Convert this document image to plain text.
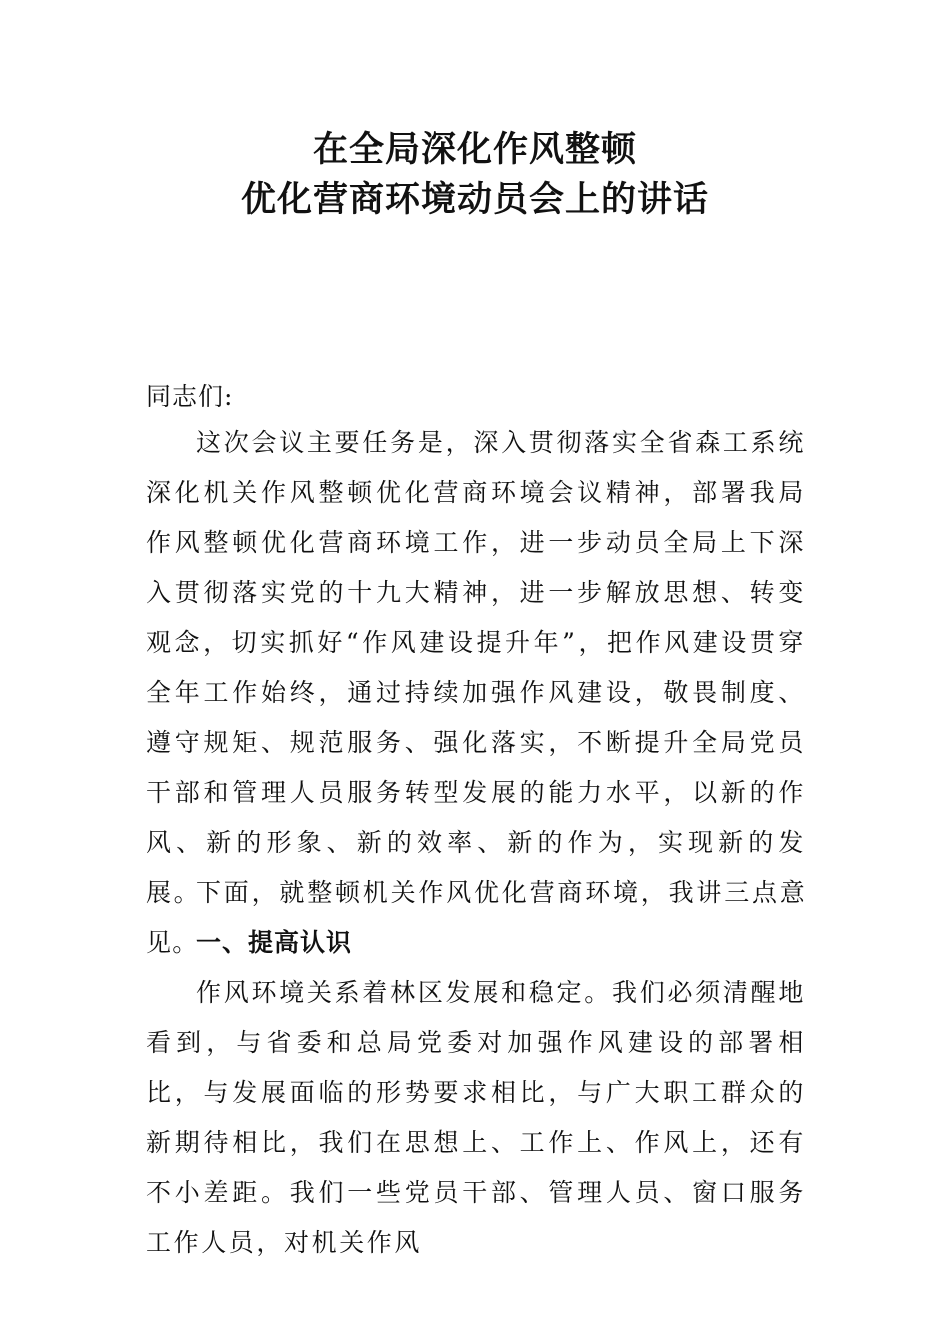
在全局深化作风整顿
优化营商环境动员会上的讲话

同志们:

这次会议主要任务是，深入贯彻落实全省森工系统深化机关作风整顿优化营商环境会议精神，部署我局作风整顿优化营商环境工作，进一步动员全局上下深入贯彻落实党的十九大精神，进一步解放思想、转变观念，切实抓好“作风建设提升年”，把作风建设贯穿全年工作始终，通过持续加强作风建设，敬畏制度、遵守规矩、规范服务、强化落实，不断提升全局党员干部和管理人员服务转型发展的能力水平，以新的作风、新的形象、新的效率、新的作为，实现新的发展。

下面，就整顿机关作风优化营商环境，我讲三点意见。

一、提高认识

作风环境关系着林区发展和稳定。我们必须清醒地看到，与省委和总局党委对加强作风建设的部署相比，与发展面临的形势要求相比，与广大职工群众的新期待相比，我们在思想上、工作上、作风上，还有不小差距。我们一些党员干部、管理人员、窗口服务工作人员，对机关作风
